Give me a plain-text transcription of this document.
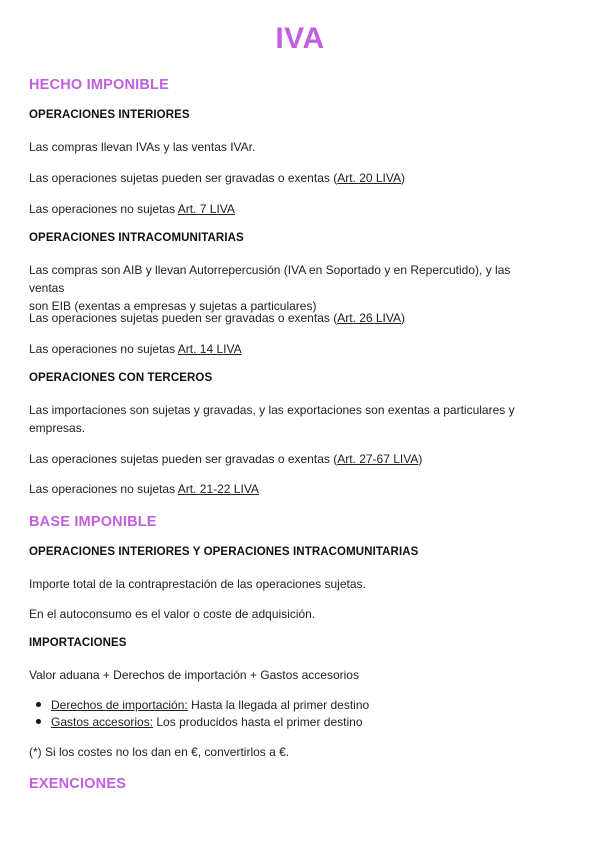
IVA
HECHO IMPONIBLE
OPERACIONES INTERIORES
Las compras llevan IVAs y las ventas IVAr.
Las operaciones sujetas pueden ser gravadas o exentas (Art. 20 LIVA)
Las operaciones no sujetas Art. 7 LIVA
OPERACIONES INTRACOMUNITARIAS
Las compras son AIB y llevan Autorrepercusión (IVA en Soportado y en Repercutido), y las ventas
son EIB (exentas a empresas y sujetas a particulares)
Las operaciones sujetas pueden ser gravadas o exentas (Art. 26 LIVA)
Las operaciones no sujetas Art. 14 LIVA
OPERACIONES CON TERCEROS
Las importaciones son sujetas y gravadas, y las exportaciones son exentas a particulares y
empresas.
Las operaciones sujetas pueden ser gravadas o exentas (Art. 27-67 LIVA)
Las operaciones no sujetas Art. 21-22 LIVA
BASE IMPONIBLE
OPERACIONES INTERIORES Y OPERACIONES INTRACOMUNITARIAS
Importe total de la contraprestación de las operaciones sujetas.
En el autoconsumo es el valor o coste de adquisición.
IMPORTACIONES
Valor aduana + Derechos de importación + Gastos accesorios
Derechos de importación: Hasta la llegada al primer destino
Gastos accesorios: Los producidos hasta el primer destino
(*) Si los costes no los dan en €, convertirlos a €.
EXENCIONES
